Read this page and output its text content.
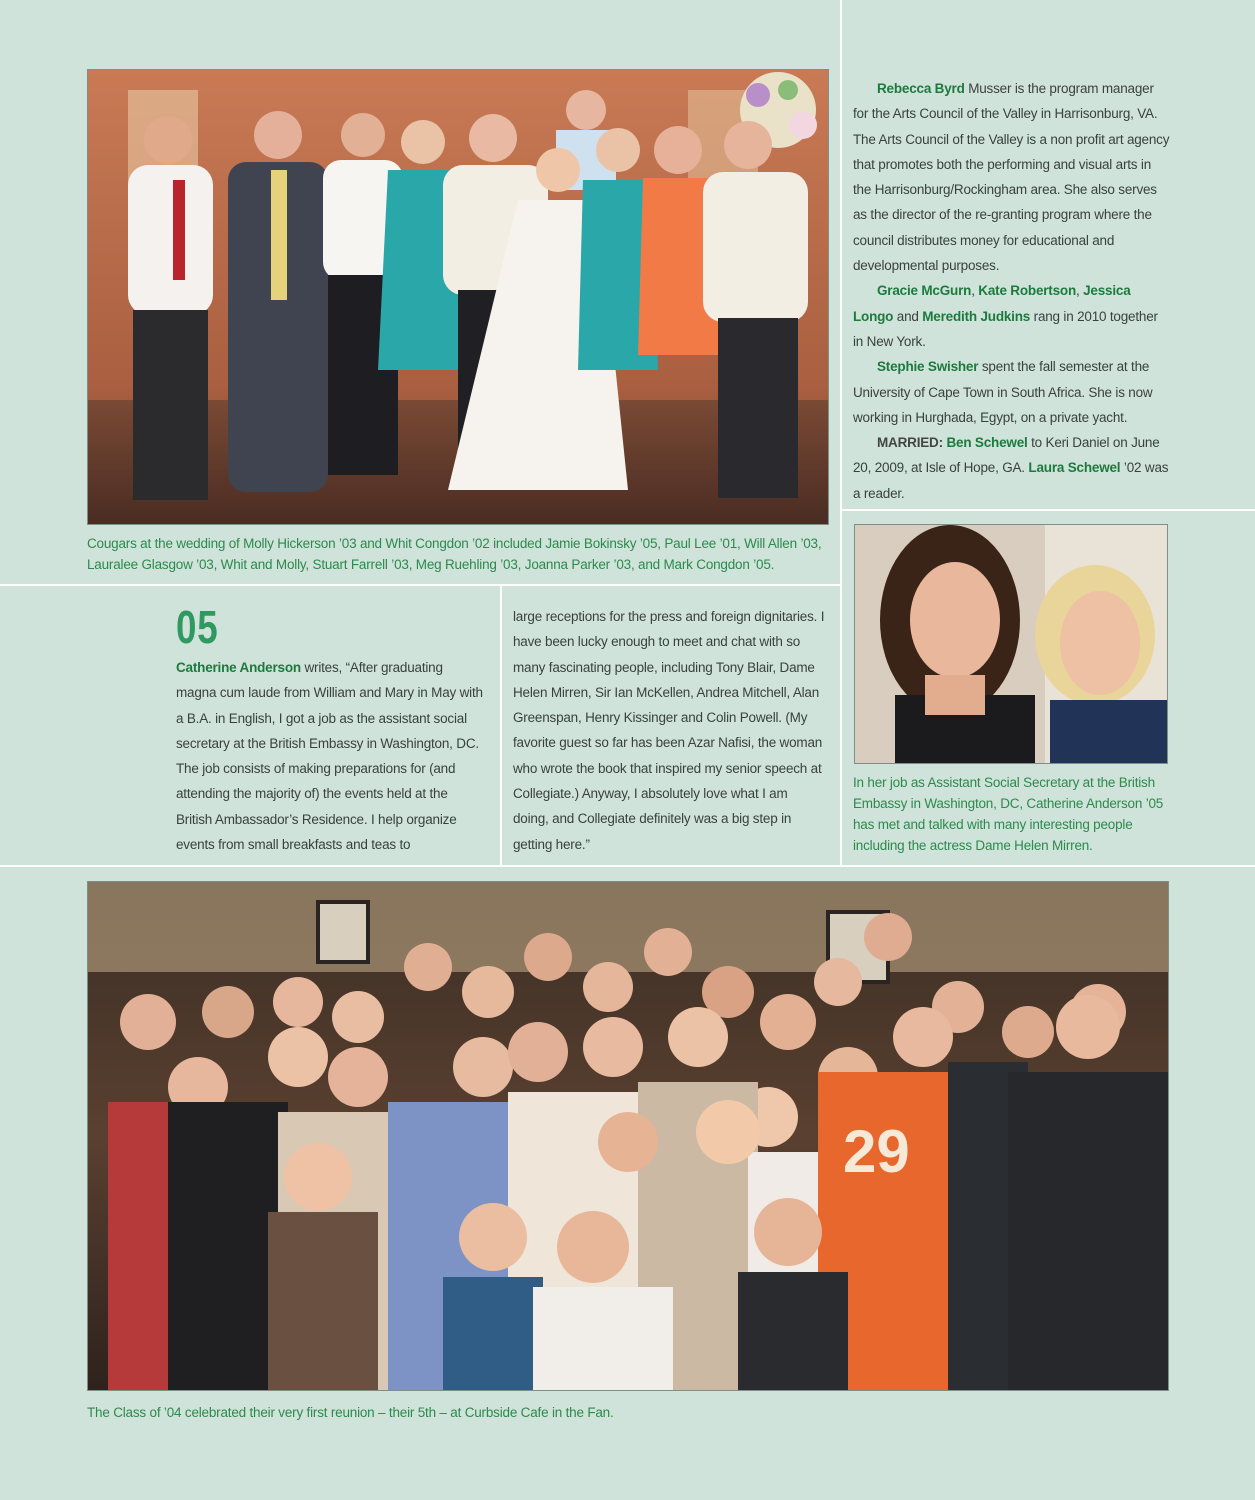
Cougars at the wedding of Molly Hickerson ’03 and Whit Congdon ’02 included Jamie Bokinsky ’05, Paul Lee ’01, Will Allen ’03, Lauralee Glasgow ’03, Whit and Molly, Stuart Farrell ’03, Meg Ruehling ’03, Joanna Parker ’03, and Mark Congdon ’05.

Rebecca Byrd Musser is the program manager for the Arts Council of the Valley in Harrisonburg, VA. The Arts Council of the Valley is a non profit art agency that promotes both the performing and visual arts in the Harrisonburg/Rockingham area. She also serves as the director of the re-granting program where the council distributes money for educational and developmental purposes.

Gracie McGurn, Kate Robertson, Jessica Longo and Meredith Judkins rang in 2010 together in New York.

Stephie Swisher spent the fall semester at the University of Cape Town in South Africa. She is now working in Hurghada, Egypt, on a private yacht.

MARRIED: Ben Schewel to Keri Daniel on June 20, 2009, at Isle of Hope, GA. Laura Schewel ’02 was a reader.

In her job as Assistant Social Secretary at the British Embassy in Washington, DC, Catherine Anderson ’05 has met and talked with many interesting people including the actress Dame Helen Mirren.
05

Catherine Anderson writes, “After graduating magna cum laude from William and Mary in May with a B.A. in English, I got a job as the assistant social secretary at the British Embassy in Washington, DC. The job consists of making preparations for (and attending the majority of) the events held at the British Ambassador’s Residence. I help organize events from small breakfasts and teas to

large receptions for the press and foreign dignitaries. I have been lucky enough to meet and chat with so many fascinating people, including Tony Blair, Dame Helen Mirren, Sir Ian McKellen, Andrea Mitchell, Alan Greenspan, Henry Kissinger and Colin Powell. (My favorite guest so far has been Azar Nafisi, the woman who wrote the book that inspired my senior speech at Collegiate.) Anyway, I absolutely love what I am doing, and Collegiate definitely was a big step in getting here.”

29
The Class of ’04 celebrated their very first reunion – their 5th – at Curbside Cafe in the Fan.
